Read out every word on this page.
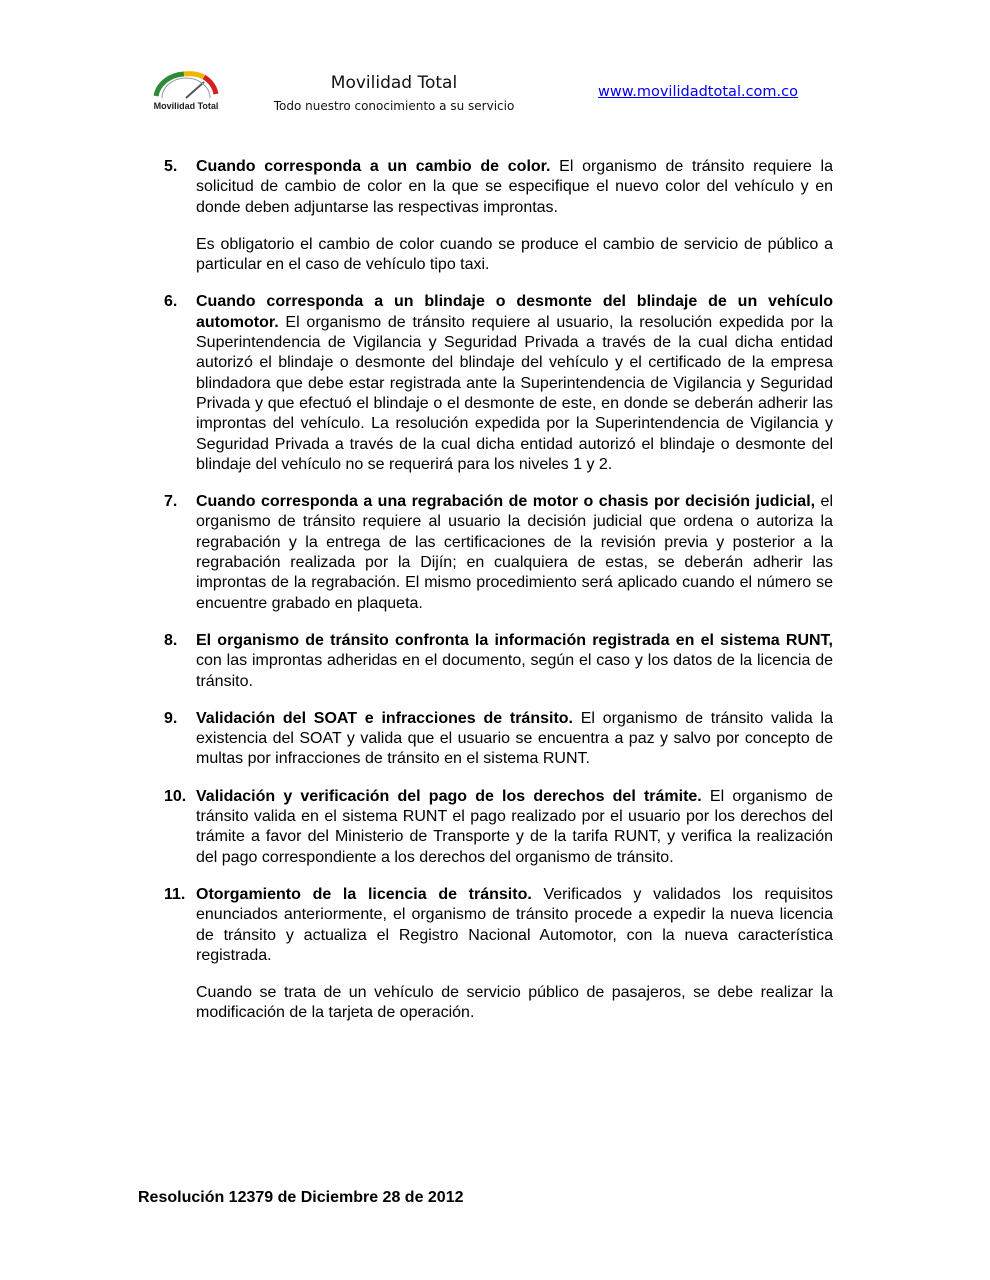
Movilidad Total
Movilidad Total
Todo nuestro conocimiento a su servicio
www.movilidadtotal.com.co
5.	Cuando corresponda a un cambio de color. El organismo de tránsito requiere la solicitud de cambio de color en la que se especifique el nuevo color del vehículo y en donde deben adjuntarse las respectivas improntas.

Es obligatorio el cambio de color cuando se produce el cambio de servicio de público a particular en el caso de vehículo tipo taxi.

6.	Cuando corresponda a un blindaje o desmonte del blindaje de un vehículo automotor. El organismo de tránsito requiere al usuario, la resolución expedida por la Superintendencia de Vigilancia y Seguridad Privada a través de la cual dicha entidad autorizó el blindaje o desmonte del blindaje del vehículo y el certificado de la empresa blindadora que debe estar registrada ante la Superintendencia de Vigilancia y Seguridad Privada y que efectuó el blindaje o el desmonte de este, en donde se deberán adherir las improntas del vehículo. La resolución expedida por la Superintendencia de Vigilancia y Seguridad Privada a través de la cual dicha entidad autorizó el blindaje o desmonte del blindaje del vehículo no se requerirá para los niveles 1 y 2.

7.	Cuando corresponda a una regrabación de motor o chasis por decisión judicial, el organismo de tránsito requiere al usuario la decisión judicial que ordena o autoriza la regrabación y la entrega de las certificaciones de la revisión previa y posterior a la regrabación realizada por la Dijín; en cualquiera de estas, se deberán adherir las improntas de la regrabación. El mismo procedimiento será aplicado cuando el número se encuentre grabado en plaqueta.

8.	El organismo de tránsito confronta la información registrada en el sistema RUNT, con las improntas adheridas en el documento, según el caso y los datos de la licencia de tránsito.

9.	Validación del SOAT e infracciones de tránsito. El organismo de tránsito valida la existencia del SOAT y valida que el usuario se encuentra a paz y salvo por concepto de multas por infracciones de tránsito en el sistema RUNT.

10. Validación y verificación del pago de los derechos del trámite. El organismo de tránsito valida en el sistema RUNT el pago realizado por el usuario por los derechos del trámite a favor del Ministerio de Transporte y de la tarifa RUNT, y verifica la realización del pago correspondiente a los derechos del organismo de tránsito.

11. Otorgamiento de la licencia de tránsito. Verificados y validados los requisitos enunciados anteriormente, el organismo de tránsito procede a expedir la nueva licencia de tránsito y actualiza el Registro Nacional Automotor, con la nueva característica registrada.

Cuando se trata de un vehículo de servicio público de pasajeros, se debe realizar la modificación de la tarjeta de operación.

Resolución 12379 de Diciembre 28 de 2012
